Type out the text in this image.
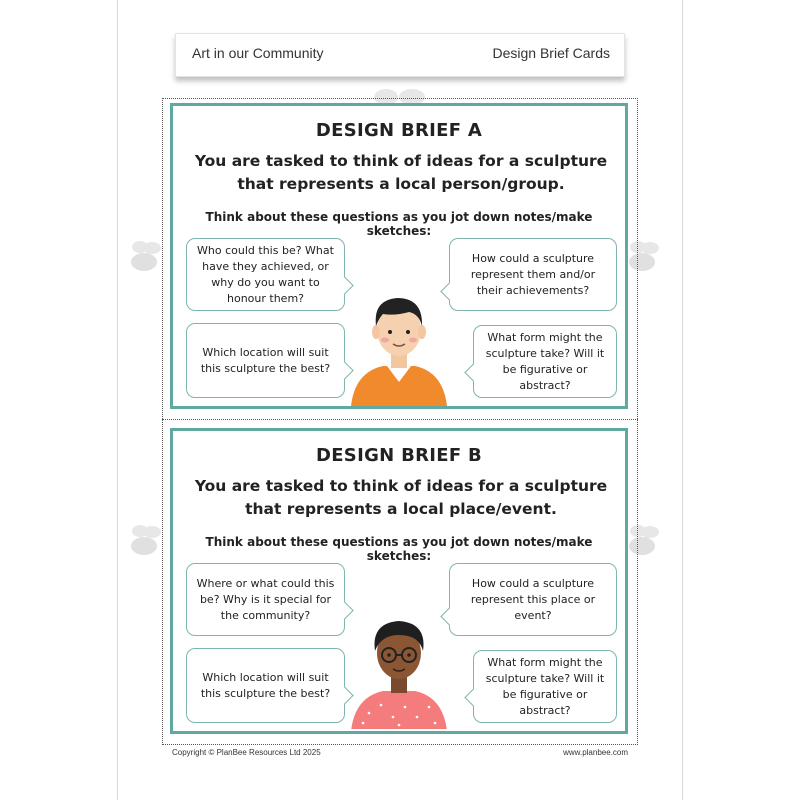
Art in our Community	Design Brief Cards
DESIGN BRIEF A
You are tasked to think of ideas for a sculpture that represents a local person/group.
Think about these questions as you jot down notes/make sketches:
Who could this be? What have they achieved, or why do you want to honour them?
How could a sculpture represent them and/or their achievements?
Which location will suit this sculpture the best?
What form might the sculpture take? Will it be figurative or abstract?
DESIGN BRIEF B
You are tasked to think of ideas for a sculpture that represents a local place/event.
Think about these questions as you jot down notes/make sketches:
Where or what could this be? Why is it special for the community?
How could a sculpture represent this place or event?
Which location will suit this sculpture the best?
What form might the sculpture take? Will it be figurative or abstract?
Copyright © PlanBee Resources Ltd 2025	www.planbee.com
